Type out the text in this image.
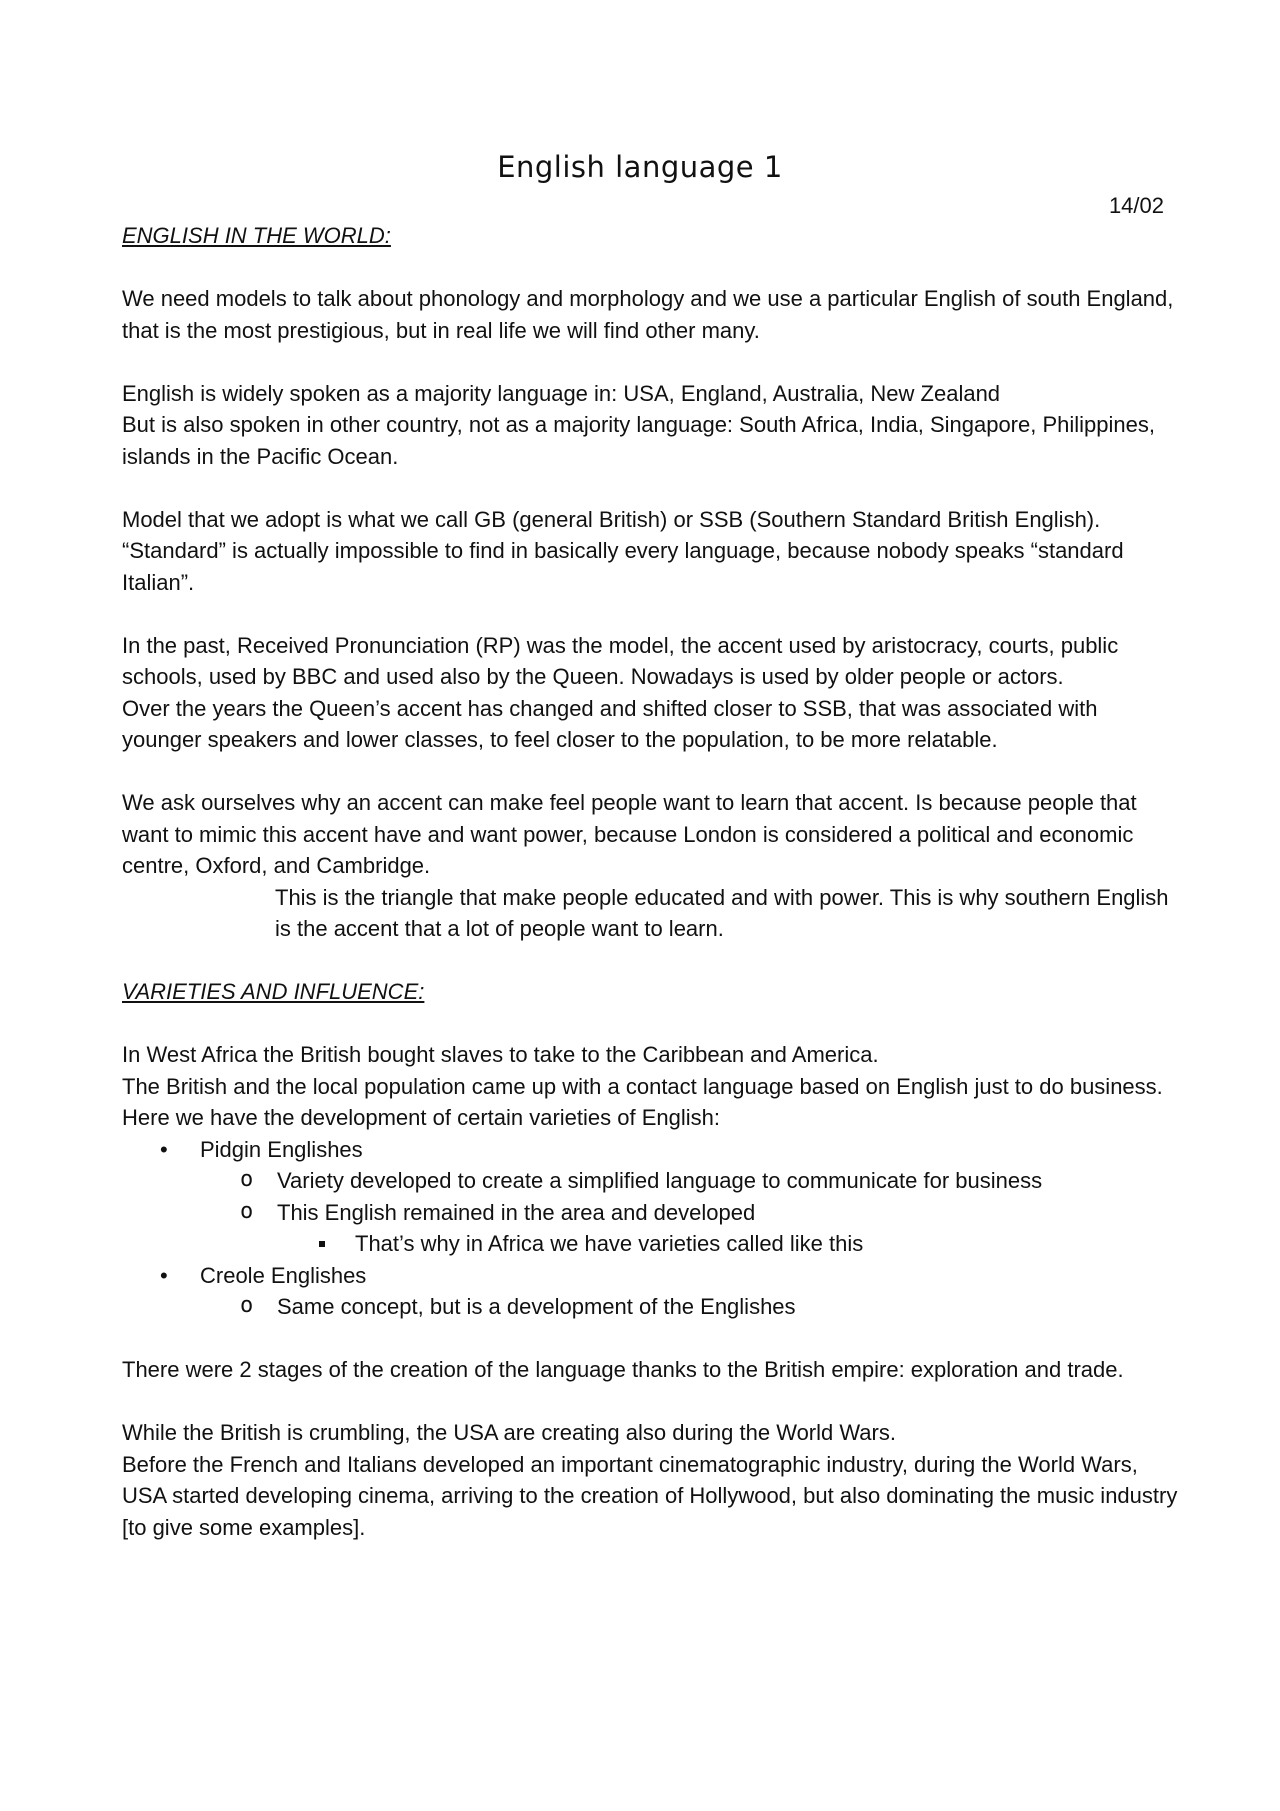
English language 1
14/02

ENGLISH IN THE WORLD:

We need models to talk about phonology and morphology and we use a particular English of south England, that is the most prestigious, but in real life we will find other many.

English is widely spoken as a majority language in: USA, England, Australia, New Zealand

But is also spoken in other country, not as a majority language: South Africa, India, Singapore, Philippines, islands in the Pacific Ocean.

Model that we adopt is what we call GB (general British) or SSB (Southern Standard British English).

“Standard” is actually impossible to find in basically every language, because nobody speaks “standard Italian”.

In the past, Received Pronunciation (RP) was the model, the accent used by aristocracy, courts, public schools, used by BBC and used also by the Queen. Nowadays is used by older people or actors.

Over the years the Queen’s accent has changed and shifted closer to SSB, that was associated with younger speakers and lower classes, to feel closer to the population, to be more relatable.

We ask ourselves why an accent can make feel people want to learn that accent. Is because people that want to mimic this accent have and want power, because London is considered a political and economic centre, Oxford, and Cambridge.

This is the triangle that make people educated and with power. This is why southern English is the accent that a lot of people want to learn.

VARIETIES AND INFLUENCE:

In West Africa the British bought slaves to take to the Caribbean and America.

The British and the local population came up with a contact language based on English just to do business.

Here we have the development of certain varieties of English:

• Pidgin Englishes
o Variety developed to create a simplified language to communicate for business
o This English remained in the area and developed
That’s why in Africa we have varieties called like this
• Creole Englishes
o Same concept, but is a development of the Englishes

There were 2 stages of the creation of the language thanks to the British empire: exploration and trade.

While the British is crumbling, the USA are creating also during the World Wars.

Before the French and Italians developed an important cinematographic industry, during the World Wars, USA started developing cinema, arriving to the creation of Hollywood, but also dominating the music industry [to give some examples].
